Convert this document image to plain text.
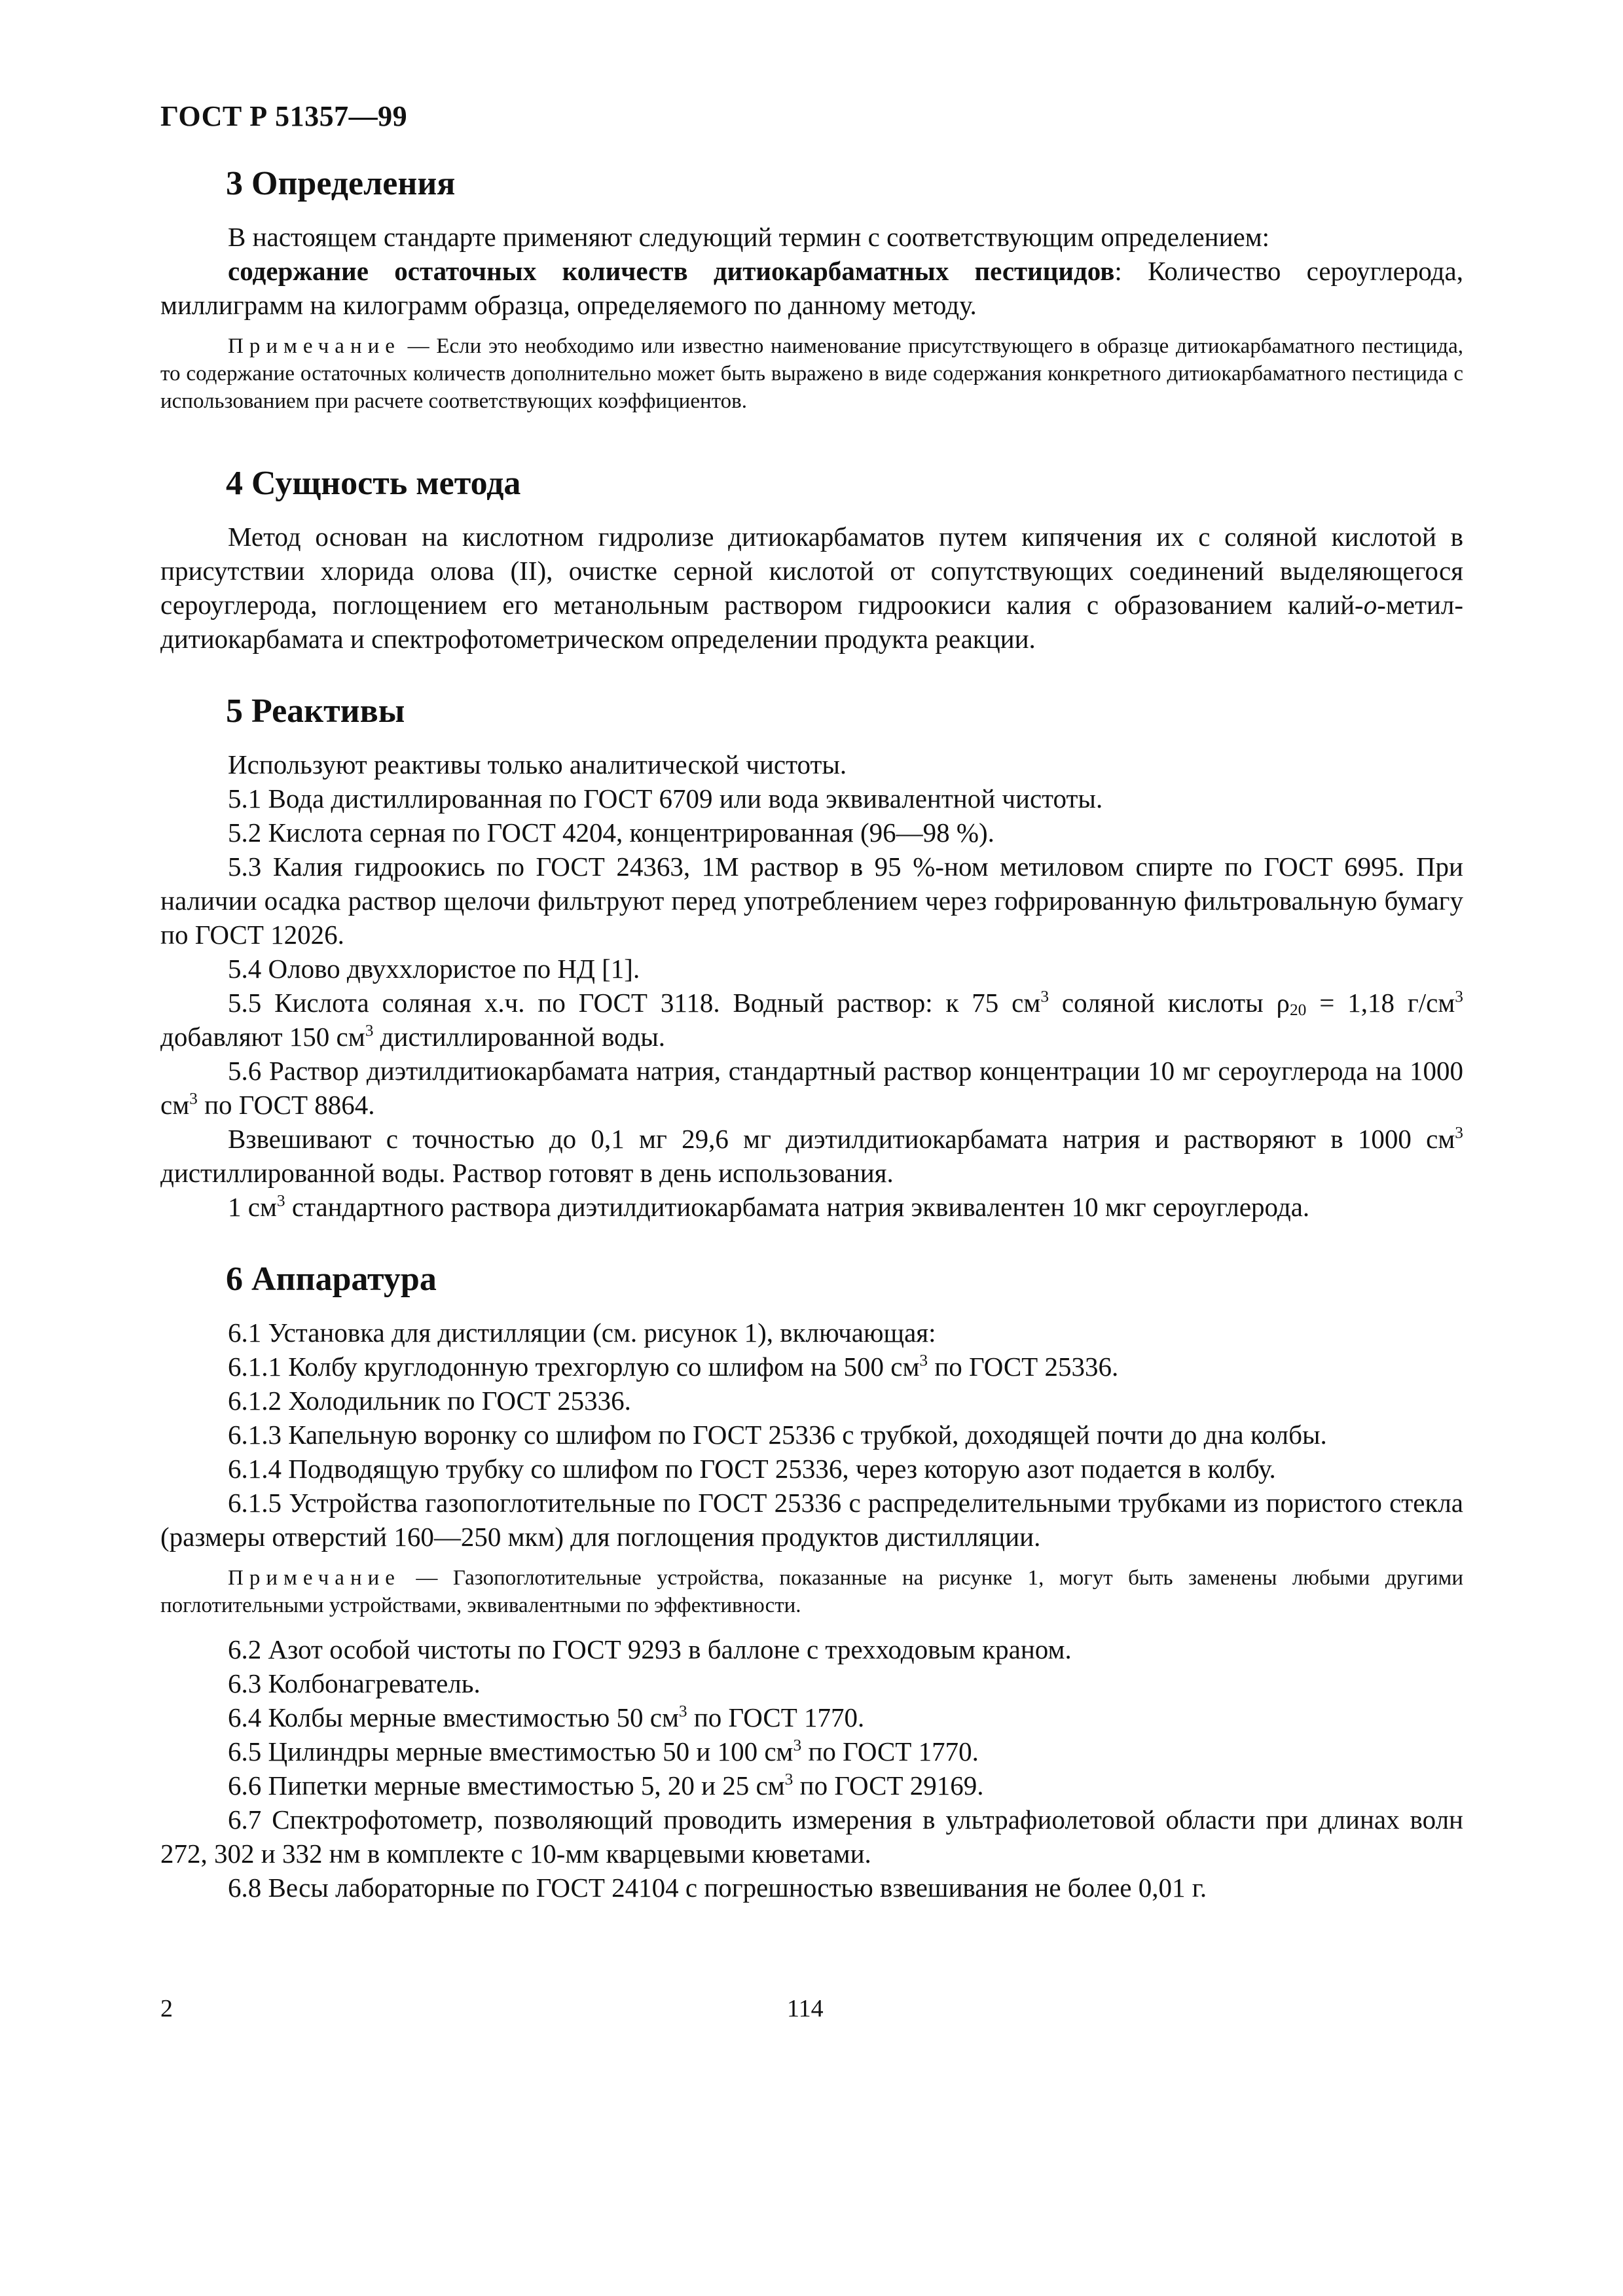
ГОСТ Р 51357—99
3 Определения

В настоящем стандарте применяют следующий термин с соответствующим определением:

содержание остаточных количеств дитиокарбаматных пестицидов: Количество сероуглерода, миллиграмм на килограмм образца, определяемого по данному методу.

Примечание — Если это необходимо или известно наименование присутствующего в образце дитиокарбаматного пестицида, то содержание остаточных количеств дополнительно может быть выражено в виде содержания конкретного дитиокарбаматного пестицида с использованием при расчете соответствующих коэффициентов.

4 Сущность метода

Метод основан на кислотном гидролизе дитиокарбаматов путем кипячения их с соляной кислотой в присутствии хлорида олова (II), очистке серной кислотой от сопутствующих соединений выделяющегося сероуглерода, поглощением его метанольным раствором гидроокиси калия с образованием калий-о-метил-дитиокарбамата и спектрофотометрическом определении продукта реакции.

5 Реактивы

Используют реактивы только аналитической чистоты.

5.1 Вода дистиллированная по ГОСТ 6709 или вода эквивалентной чистоты.

5.2 Кислота серная по ГОСТ 4204, концентрированная (96—98 %).

5.3 Калия гидроокись по ГОСТ 24363, 1М раствор в 95 %-ном метиловом спирте по ГОСТ 6995. При наличии осадка раствор щелочи фильтруют перед употреблением через гофрированную фильтровальную бумагу по ГОСТ 12026.

5.4 Олово двуххлористое по НД [1].

5.5 Кислота соляная х.ч. по ГОСТ 3118. Водный раствор: к 75 $см^3$ соляной кислоты $\rho_{20} = 1,18$ $г/см^3$ добавляют 150 $см^3$ дистиллированной воды.

5.6 Раствор диэтилдитиокарбамата натрия, стандартный раствор концентрации 10 мг сероуглерода на 1000 $см^3$ по ГОСТ 8864.

Взвешивают с точностью до 0,1 мг 29,6 мг диэтилдитиокарбамата натрия и растворяют в 1000 $см^3$ дистиллированной воды. Раствор готовят в день использования.

1 $см^3$ стандартного раствора диэтилдитиокарбамата натрия эквивалентен 10 мкг сероуглерода.

6 Аппаратура

6.1 Установка для дистилляции (см. рисунок 1), включающая:

6.1.1 Колбу круглодонную трехгорлую со шлифом на 500 $см^3$ по ГОСТ 25336.

6.1.2 Холодильник по ГОСТ 25336.

6.1.3 Капельную воронку со шлифом по ГОСТ 25336 с трубкой, доходящей почти до дна колбы.

6.1.4 Подводящую трубку со шлифом по ГОСТ 25336, через которую азот подается в колбу.

6.1.5 Устройства газопоглотительные по ГОСТ 25336 с распределительными трубками из пористого стекла (размеры отверстий 160—250 мкм) для поглощения продуктов дистилляции.

Примечание — Газопоглотительные устройства, показанные на рисунке 1, могут быть заменены любыми другими поглотительными устройствами, эквивалентными по эффективности.

6.2 Азот особой чистоты по ГОСТ 9293 в баллоне с трехходовым краном.

6.3 Колбонагреватель.

6.4 Колбы мерные вместимостью 50 $см^3$ по ГОСТ 1770.

6.5 Цилиндры мерные вместимостью 50 и 100 $см^3$ по ГОСТ 1770.

6.6 Пипетки мерные вместимостью 5, 20 и 25 $см^3$ по ГОСТ 29169.

6.7 Спектрофотометр, позволяющий проводить измерения в ультрафиолетовой области при длинах волн 272, 302 и 332 нм в комплекте с 10-мм кварцевыми кюветами.

6.8 Весы лабораторные по ГОСТ 24104 с погрешностью взвешивания не более 0,01 г.

2	114
